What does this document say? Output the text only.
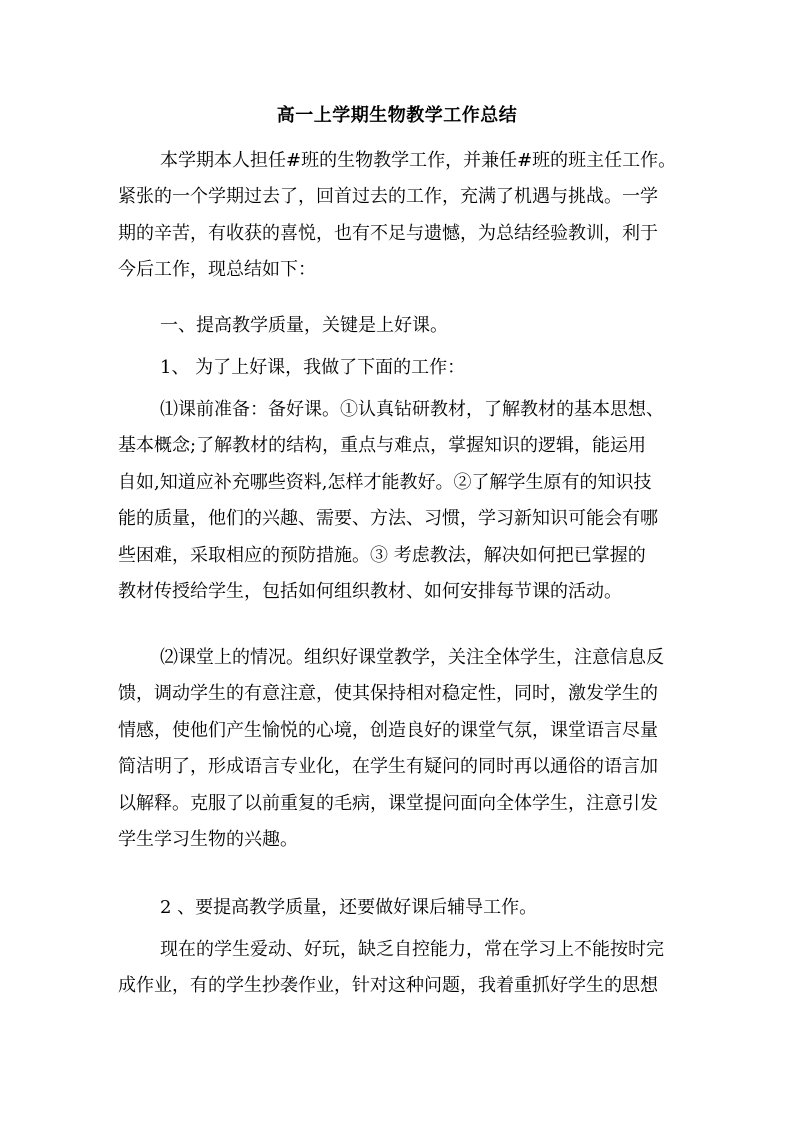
高一上学期生物教学工作总结
本学期本人担任#班的生物教学工作，并兼任#班的班主任工作。
紧张的一个学期过去了，回首过去的工作，充满了机遇与挑战。一学
期的辛苦，有收获的喜悦，也有不足与遗憾，为总结经验教训，利于
今后工作，现总结如下：
一、提高教学质量，关键是上好课。
1、 为了上好课，我做了下面的工作：
⑴课前准备：备好课。①认真钻研教材，了解教材的基本思想、
基本概念;了解教材的结构，重点与难点，掌握知识的逻辑，能运用
自如,知道应补充哪些资料,怎样才能教好。②了解学生原有的知识技
能的质量，他们的兴趣、需要、方法、习惯，学习新知识可能会有哪
些困难，采取相应的预防措施。③ 考虑教法，解决如何把已掌握的
教材传授给学生，包括如何组织教材、如何安排每节课的活动。
⑵课堂上的情况。组织好课堂教学，关注全体学生，注意信息反
馈，调动学生的有意注意，使其保持相对稳定性，同时，激发学生的
情感，使他们产生愉悦的心境，创造良好的课堂气氛，课堂语言尽量
简洁明了，形成语言专业化，在学生有疑问的同时再以通俗的语言加
以解释。克服了以前重复的毛病，课堂提问面向全体学生，注意引发
学生学习生物的兴趣。
2 、要提高教学质量，还要做好课后辅导工作。
现在的学生爱动、好玩，缺乏自控能力，常在学习上不能按时完
成作业，有的学生抄袭作业，针对这种问题，我着重抓好学生的思想
